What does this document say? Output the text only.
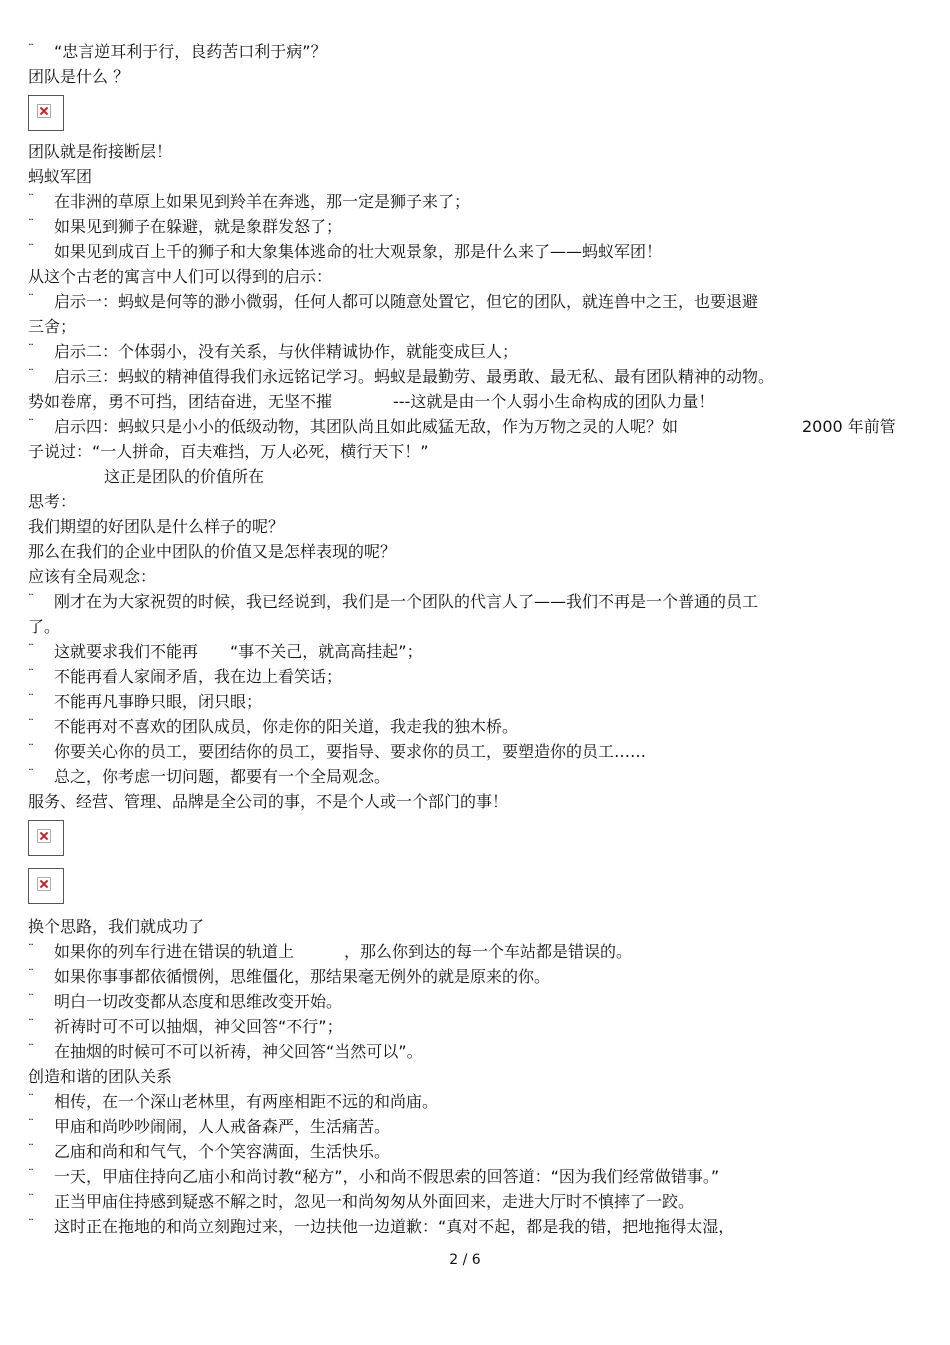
¨
¨
¨
¨
¨
¨
¨
¨
¨
¨
¨
¨
¨
¨
¨
¨
¨
¨
¨
¨
¨
¨
¨
¨
¨
¨
“忠言逆耳利于行，良药苦口利于病”？
团队是什么 ？
团队就是衔接断层！
蚂蚁军团
在非洲的草原上如果见到羚羊在奔逃，那一定是狮子来了；
如果见到狮子在躲避，就是象群发怒了；
如果见到成百上千的狮子和大象集体逃命的壮大观景象，那是什么来了——蚂蚁军团！
从这个古老的寓言中人们可以得到的启示：
启示一：蚂蚁是何等的渺小微弱，任何人都可以随意处置它，但它的团队，就连兽中之王，也要退避
三舍；
启示二：个体弱小，没有关系，与伙伴精诚协作，就能变成巨人；
启示三：蚂蚁的精神值得我们永远铭记学习。蚂蚁是最勤劳、最勇敢、最无私、最有团队精神的动物。
势如卷席，勇不可挡，团结奋进，无坚不摧	---这就是由一个人弱小生命构成的团队力量！
启示四：蚂蚁只是小小的低级动物，其团队尚且如此威猛无敌，作为万物之灵的人呢？如	2000 年前管
子说过：“一人拼命，百夫难挡，万人必死，横行天下！”
这正是团队的价值所在
思考：
我们期望的好团队是什么样子的呢？
那么在我们的企业中团队的价值又是怎样表现的呢？
应该有全局观念：
刚才在为大家祝贺的时候，我已经说到，我们是一个团队的代言人了——我们不再是一个普通的员工
了。
这就要求我们不能再 “事不关己，就高高挂起”；
不能再看人家闹矛盾，我在边上看笑话；
不能再凡事睁只眼，闭只眼；
不能再对不喜欢的团队成员，你走你的阳关道，我走我的独木桥。
你要关心你的员工，要团结你的员工，要指导、要求你的员工，要塑造你的员工……
总之，你考虑一切问题，都要有一个全局观念。
服务、经营、管理、品牌是全公司的事，不是个人或一个部门的事！
换个思路，我们就成功了
如果你的列车行进在错误的轨道上	，那么你到达的每一个车站都是错误的。
如果你事事都依循惯例，思维僵化，那结果毫无例外的就是原来的你。
明白一切改变都从态度和思维改变开始。
祈祷时可不可以抽烟，神父回答“不行”；
在抽烟的时候可不可以祈祷，神父回答“当然可以”。
创造和谐的团队关系
相传，在一个深山老林里，有两座相距不远的和尚庙。
甲庙和尚吵吵闹闹，人人戒备森严，生活痛苦。
乙庙和尚和和气气，个个笑容满面，生活快乐。
一天，甲庙住持向乙庙小和尚讨教“秘方”，小和尚不假思索的回答道：“因为我们经常做错事。”
正当甲庙住持感到疑惑不解之时，忽见一和尚匆匆从外面回来，走进大厅时不慎摔了一跤。
这时正在拖地的和尚立刻跑过来，一边扶他一边道歉：“真对不起，都是我的错，把地拖得太湿，
2 / 6
